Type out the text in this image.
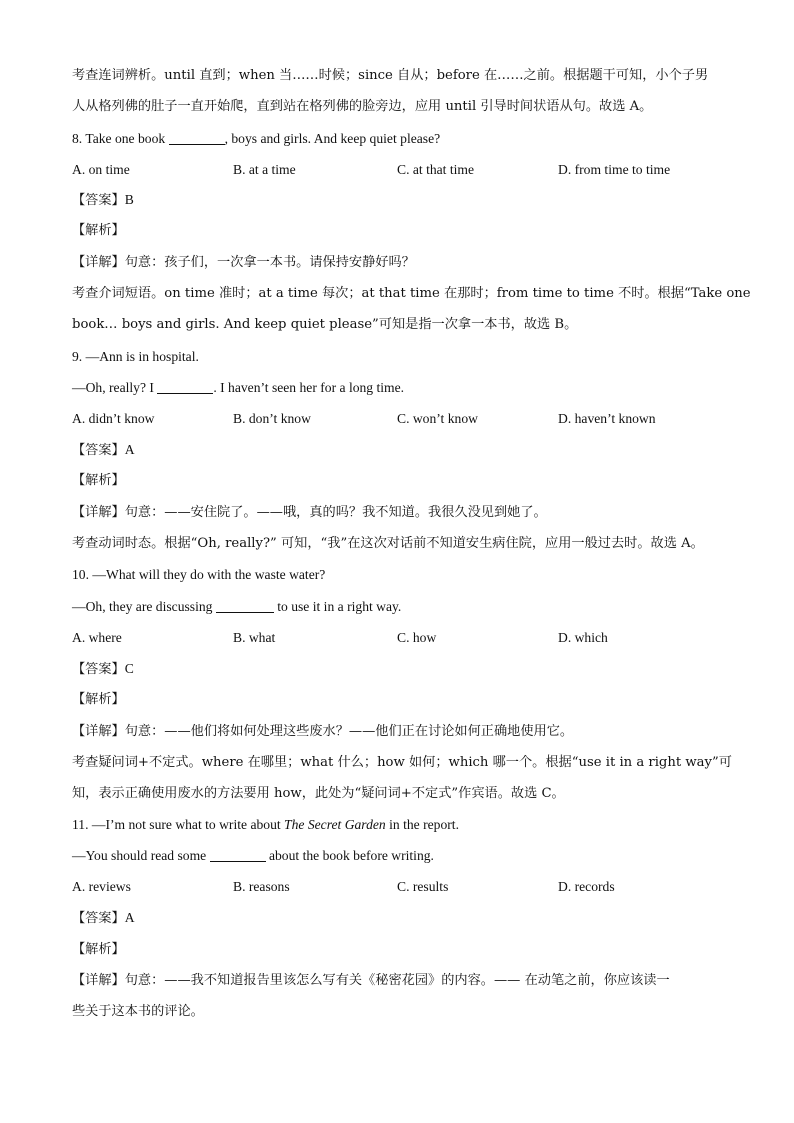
考查连词辨析。until 直到；when 当……时候；since 自从；before 在……之前。根据题干可知，小个子男
人从格列佛的肚子一直开始爬，直到站在格列佛的脸旁边，应用 until 引导时间状语从句。故选 A。
8. Take one book	, boys and girls. And keep quiet please?
A. on time	B. at a time	C. at that time	D. from time to time
【答案】B
【解析】
【详解】句意：孩子们，一次拿一本书。请保持安静好吗？
考查介词短语。on time 准时；at a time 每次；at that time 在那时；from time to time 不时。根据“Take one
book… boys and girls. And keep quiet please”可知是指一次拿一本书，故选 B。
9. —Ann is in hospital.
—Oh, really? I	. I haven’t seen her for a long time.
A. didn’t know	B. don’t know	C. won’t know	D. haven’t known
【答案】A
【解析】
【详解】句意：——安住院了。——哦，真的吗？我不知道。我很久没见到她了。
考查动词时态。根据“Oh, really?” 可知，“我”在这次对话前不知道安生病住院，应用一般过去时。故选 A。
10. —What will they do with the waste water?
—Oh, they are discussing	to use it in a right way.
A. where	B. what	C. how	D. which
【答案】C
【解析】
【详解】句意：——他们将如何处理这些废水？——他们正在讨论如何正确地使用它。
考查疑问词+不定式。where 在哪里；what 什么；how 如何；which 哪一个。根据“use it in a right way”可
知，表示正确使用废水的方法要用 how，此处为“疑问词+不定式”作宾语。故选 C。
11. —I’m not sure what to write about The Secret Garden in the report.
—You should read some	about the book before writing.
A. reviews	B. reasons	C. results	D. records
【答案】A
【解析】
【详解】句意：——我不知道报告里该怎么写有关《秘密花园》的内容。—— 在动笔之前，你应该读一
些关于这本书的评论。
